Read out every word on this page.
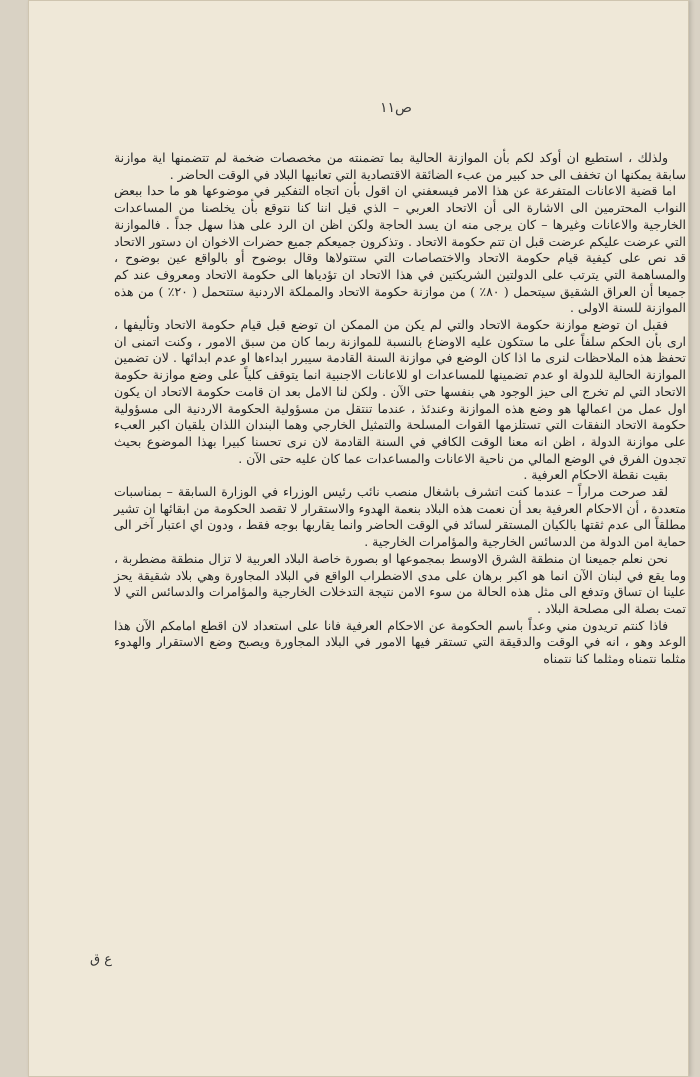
ص١١

ولذلك ، استطيع ان أوكد لكم بأن الموازنة الحالية بما تضمنته من مخصصات ضخمة لم تتضمنها اية موازنة سابقة يمكنها ان تخفف الى حد كبير من عبء الضائقة الاقتصادية التي تعانيها البلاد في الوقت الحاضر .

اما قضية الاعانات المتفرعة عن هذا الامر فيسعفني ان اقول بأن اتجاه التفكير في موضوعها هو ما حدا ببعض النواب المحترمين الى الاشارة الى أن الاتحاد العربي – الذي قيل اننا كنا نتوقع بأن يخلصنا من المساعدات الخارجية والاعانات وغيرها – كان يرجى منه ان يسد الحاجة ولكن اظن ان الرد على هذا سهل جداً . فالموازنة التي عرضت عليكم عرضت قبل ان تتم حكومة الاتحاد . وتذكرون جميعكم جميع حضرات الاخوان ان دستور الاتحاد قد نص على كيفية قيام حكومة الاتحاد والاختصاصات التي ستتولاها وقال بوضوح أو بالواقع عين بوضوح ، والمساهمة التي يترتب على الدولتين الشريكتين في هذا الاتحاد ان تؤدياها الى حكومة الاتحاد ومعروف عند كم جميعا أن العراق الشقيق سيتحمل ( ٨٠٪ ) من موازنة حكومة الاتحاد والمملكة الاردنية ستتحمل ( ٢٠٪ ) من هذه الموازنة للسنة الاولى .

فقبل ان توضع موازنة حكومة الاتحاد والتي لم يكن من الممكن ان توضع قبل قيام حكومة الاتحاد وتأليفها ، ارى بأن الحكم سلفاً على ما ستكون عليه الاوضاع بالنسبة للموازنة ربما كان من سبق الامور ، وكنت اتمنى ان تحفظ هذه الملاحظات لنرى ما اذا كان الوضع في موازنة السنة القادمة سيبرر ابداءها او عدم ابدائها . لان تضمين الموازنة الحالية للدولة او عدم تضمينها للمساعدات او للاعانات الاجنبية انما يتوقف كلياً على وضع موازنة حكومة الاتحاد التي لم تخرج الى حيز الوجود هي بنفسها حتى الآن . ولكن لنا الامل بعد ان قامت حكومة الاتحاد ان يكون اول عمل من اعمالها هو وضع هذه الموازنة وعندئذ ، عندما تنتقل من مسؤولية الحكومة الاردنية الى مسؤولية حكومة الاتحاد النفقات التي تستلزمها القوات المسلحة والتمثيل الخارجي وهما البندان اللذان يلقيان اكبر العبء على موازنة الدولة ، اظن انه معنا الوقت الكافي في السنة القادمة لان نرى تحسنا كبيرا بهذا الموضوع بحيث تجدون الفرق في الوضع المالي من ناحية الاعانات والمساعدات عما كان عليه حتى الآن .

بقيت نقطة الاحكام العرفية .

لقد صرحت مراراً – عندما كنت اتشرف باشغال منصب نائب رئيس الوزراء في الوزارة السابقة – بمناسبات متعددة ، أن الاحكام العرفية بعد أن نعمت هذه البلاد بنعمة الهدوء والاستقرار لا تقصد الحكومة من ابقائها ان تشير مطلقاً الى عدم ثقتها بالكيان المستقر لسائد في الوقت الحاضر وانما يقاربها بوجه فقط ، ودون اي اعتبار آخر الى حماية امن الدولة من الدسائس الخارجية والمؤامرات الخارجية .

نحن نعلم جميعنا ان منطقة الشرق الاوسط بمجموعها او بصورة خاصة البلاد العربية لا تزال منطقة مضطربة ، وما يقع في لبنان الآن انما هو اكبر برهان على مدى الاضطراب الواقع في البلاد المجاورة وهي بلاد شقيقة يحز علينا ان تساق وتدفع الى مثل هذه الحالة من سوء الامن نتيجة التدخلات الخارجية والمؤامرات والدسائس التي لا تمت بصلة الى مصلحة البلاد .

فاذا كنتم تريدون مني وعداً باسم الحكومة عن الاحكام العرفية فانا على استعداد لان اقطع امامكم الآن هذا الوعد وهو ، انه في الوقت والدقيقة التي تستقر فيها الامور في البلاد المجاورة ويصبح وضع الاستقرار والهدوء مثلما نتمناه ومثلما كنا نتمناه

ع ق
